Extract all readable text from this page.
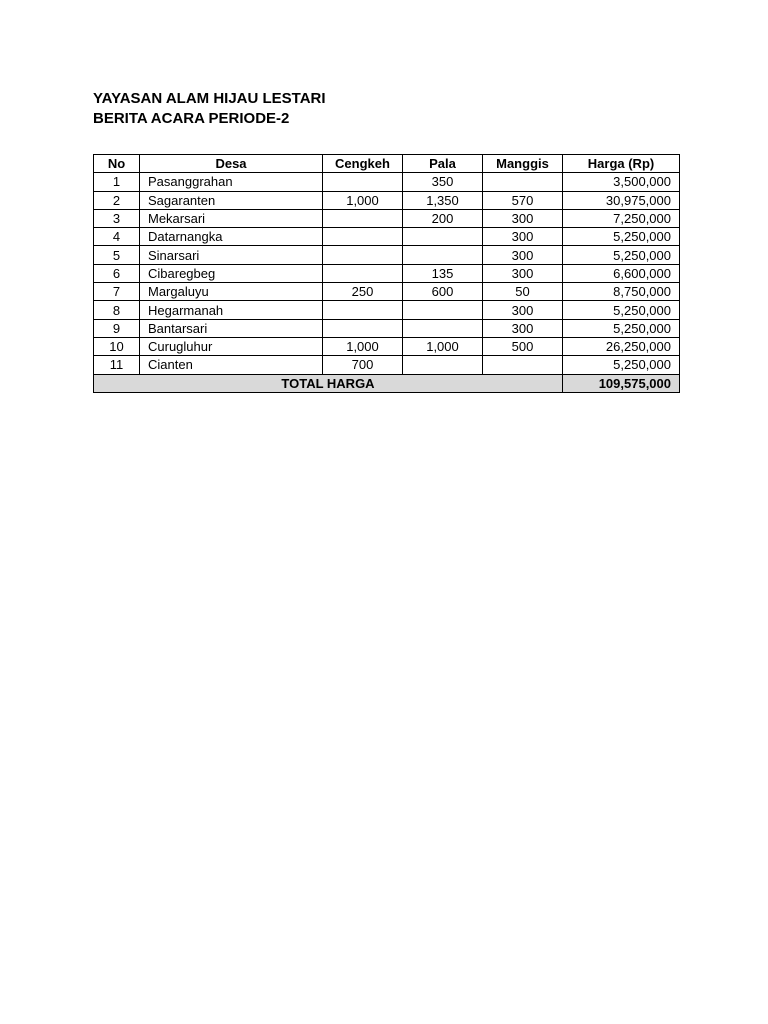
YAYASAN ALAM HIJAU LESTARI
BERITA ACARA PERIODE-2
No	Desa	Cengkeh	Pala	Manggis	Harga (Rp)
1	Pasanggrahan		350		3,500,000
2	Sagaranten	1,000	1,350	570	30,975,000
3	Mekarsari		200	300	7,250,000
4	Datarnangka			300	5,250,000
5	Sinarsari			300	5,250,000
6	Cibaregbeg		135	300	6,600,000
7	Margaluyu	250	600	50	8,750,000
8	Hegarmanah			300	5,250,000
9	Bantarsari			300	5,250,000
10	Curugluhur	1,000	1,000	500	26,250,000
11	Cianten	700			5,250,000
TOTAL HARGA					109,575,000
